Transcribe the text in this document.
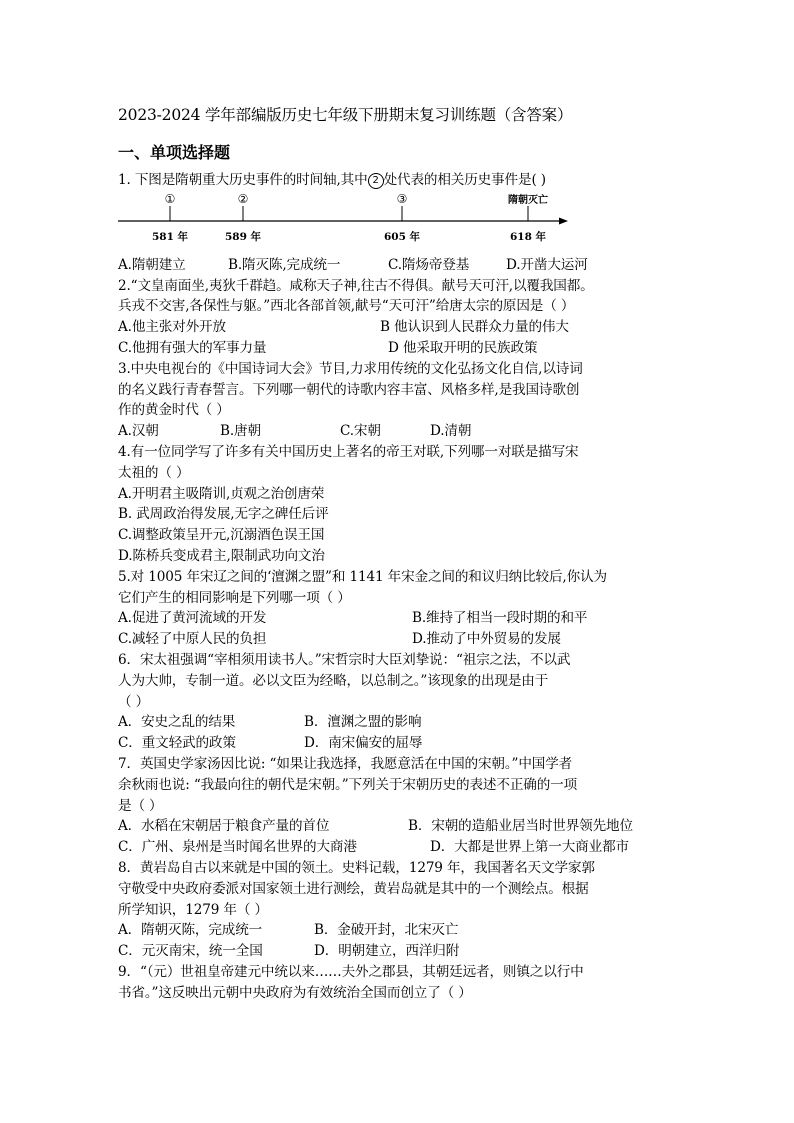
2023-2024 学年部编版历史七年级下册期末复习训练题（含答案）
一、单项选择题
1. 下图是隋朝重大历史事件的时间轴,其中 2 处代表的相关历史事件是( )
①	②	③	隋朝灭亡
581 年	589 年	605 年	618 年
A.隋朝建立	B.隋灭陈,完成统一	C.隋炀帝登基	D.开凿大运河
2.“文皇南面坐,夷狄千群趋。咸称天子神,往古不得俱。献号天可汗,以覆我国都。
兵戎不交害,各保性与躯。”西北各部首领,献号“天可汗”给唐太宗的原因是（ ）
A.他主张对外开放	B 他认识到人民群众力量的伟大
C.他拥有强大的军事力量	D 他采取开明的民族政策
3.中央电视台的《中国诗词大会》节目,力求用传统的文化弘扬文化自信,以诗词
的名义践行青春誓言。下列哪一朝代的诗歌内容丰富、风格多样,是我国诗歌创
作的黄金时代（ ）
A.汉朝	B.唐朝	C.宋朝	D.清朝
4.有一位同学写了许多有关中国历史上著名的帝王对联,下列哪一对联是描写宋
太祖的（ ）
A.开明君主吸隋训,贞观之治创唐荣
B. 武周政治得发展,无字之碑任后评
C.调整政策呈开元,沉溺酒色误王国
D.陈桥兵变成君主,限制武功向文治
5.对 1005 年宋辽之间的‘澶渊之盟”和 1141 年宋金之间的和议归纳比较后,你认为
它们产生的相同影响是下列哪一项（ ）
A.促进了黄河流域的开发	B.维持了相当一段时期的和平
C.减轻了中原人民的负担	D.推动了中外贸易的发展
6．宋太祖强调“宰相须用读书人。”宋哲宗时大臣刘挚说：“祖宗之法，不以武
人为大帅，专制一道。必以文臣为经略，以总制之。”该现象的出现是由于
（ ）
A．安史之乱的结果	B．澶渊之盟的影响
C．重文轻武的政策	D．南宋偏安的屈辱
7．英国史学家汤因比说: “如果让我选择，我愿意活在中国的宋朝。”中国学者
余秋雨也说: “我最向往的朝代是宋朝。”下列关于宋朝历史的表述不正确的一项
是（ ）
A．水稻在宋朝居于粮食产量的首位	B．宋朝的造船业居当时世界领先地位
C．广州、泉州是当时闻名世界的大商港	D．大都是世界上第一大商业都市
8．黄岩岛自古以来就是中国的领土。史料记载，1279 年，我国著名天文学家郭
守敬受中央政府委派对国家领土进行测绘，黄岩岛就是其中的一个测绘点。根据
所学知识，1279 年（ ）
A．隋朝灭陈，完成统一	B．金破开封，北宋灭亡
C．元灭南宋，统一全国	D．明朝建立，西洋归附
9．“（元）世祖皇帝建元中统以来……夫外之郡县，其朝廷远者，则镇之以行中
书省。”这反映出元朝中央政府为有效统治全国而创立了（ ）
